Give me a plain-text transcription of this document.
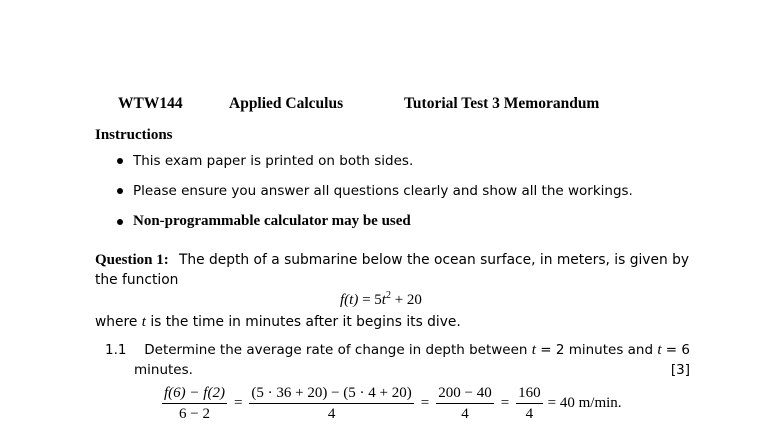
WTW144	Applied Calculus	Tutorial Test 3 Memorandum
Instructions
This exam paper is printed on both sides.
Please ensure you answer all questions clearly and show all the workings.
Non-programmable calculator may be used
Question 1: The depth of a submarine below the ocean surface, in meters, is given by
the function
$f(t) = 5t^2 + 20$
where t is the time in minutes after it begins its dive.
1.1 Determine the average rate of change in depth between t = 2 minutes and t = 6
minutes.	[3]
$\frac{f(6) - f(2)}{6 - 2} = \frac{(5 \cdot 36 + 20) - (5 \cdot 4 + 20)}{4} = \frac{200 - 40}{4} = \frac{160}{4} = 40$ m/min.
